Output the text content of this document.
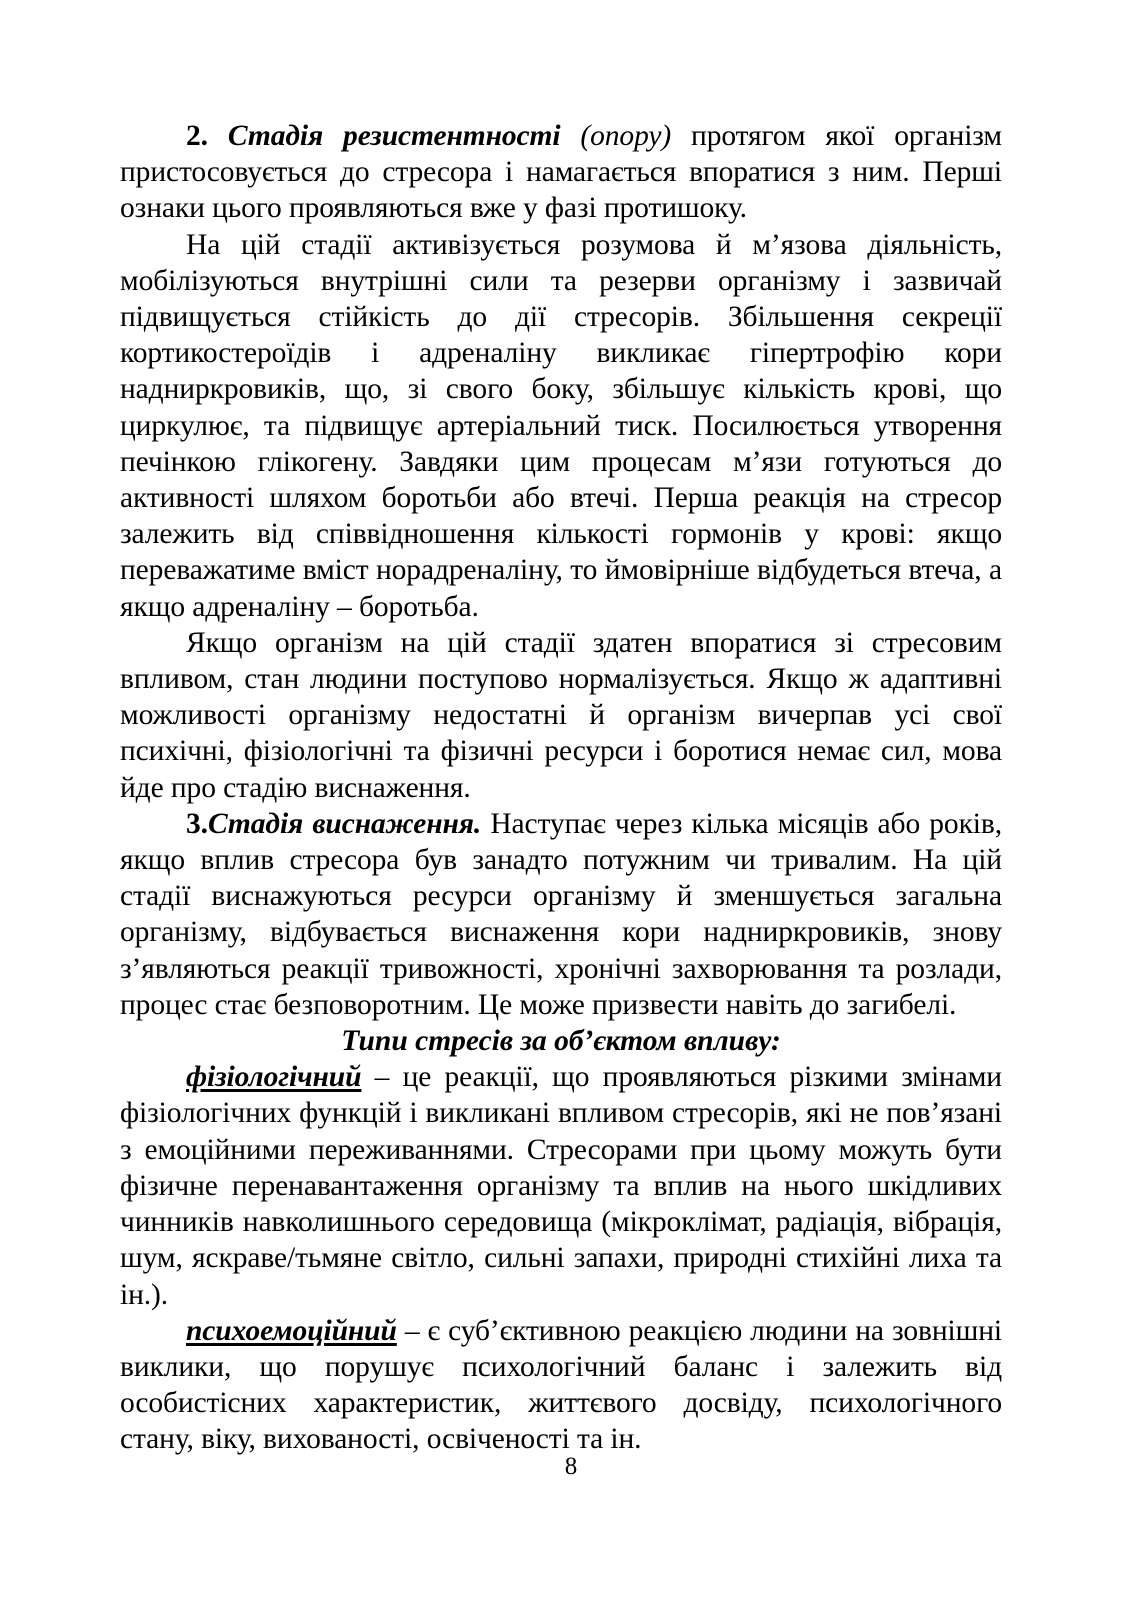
2. Стадія резистентності (опору) протягом якої організм пристосовується до стресора і намагається впоратися з ним. Перші ознаки цього проявляються вже у фазі протишоку.

На цій стадії активізується розумова й м’язова діяльність, мобілізуються внутрішні сили та резерви організму і зазвичай підвищується стійкість до дії стресорів. Збільшення секреції кортикостероїдів і адреналіну викликає гіпертрофію кори надниркровиків, що, зі свого боку, збільшує кількість крові, що циркулює, та підвищує артеріальний тиск. Посилюється утворення печінкою глікогену. Завдяки цим процесам м’язи готуються до активності шляхом боротьби або втечі. Перша реакція на стресор залежить від співвідношення кількості гормонів у крові: якщо переважатиме вміст норадреналіну, то ймовірніше відбудеться втеча, а якщо адреналіну – боротьба.

Якщо організм на цій стадії здатен впоратися зі стресовим впливом, стан людини поступово нормалізується. Якщо ж адаптивні можливості організму недостатні й організм вичерпав усі свої психічні, фізіологічні та фізичні ресурси і боротися немає сил, мова йде про стадію виснаження.

3.Стадія виснаження. Наступає через кілька місяців або років, якщо вплив стресора був занадто потужним чи тривалим. На цій стадії виснажуються ресурси організму й зменшується загальна організму, відбувається виснаження кори надниркровиків, знову з’являються реакції тривожності, хронічні захворювання та розлади, процес стає безповоротним. Це може призвести навіть до загибелі.

Типи стресів за об’єктом впливу:

фізіологічний – це реакції, що проявляються різкими змінами фізіологічних функцій і викликані впливом стресорів, які не пов’язані з емоційними переживаннями. Стресорами при цьому можуть бути фізичне перенавантаження організму та вплив на нього шкідливих чинників навколишнього середовища (мікроклімат, радіація, вібрація, шум, яскраве/тьмяне світло, сильні запахи, природні стихійні лиха та ін.).

психоемоційний – є суб’єктивною реакцією людини на зовнішні виклики, що порушує психологічний баланс і залежить від особистісних характеристик, життєвого досвіду, психологічного стану, віку, вихованості, освіченості та ін.

8
